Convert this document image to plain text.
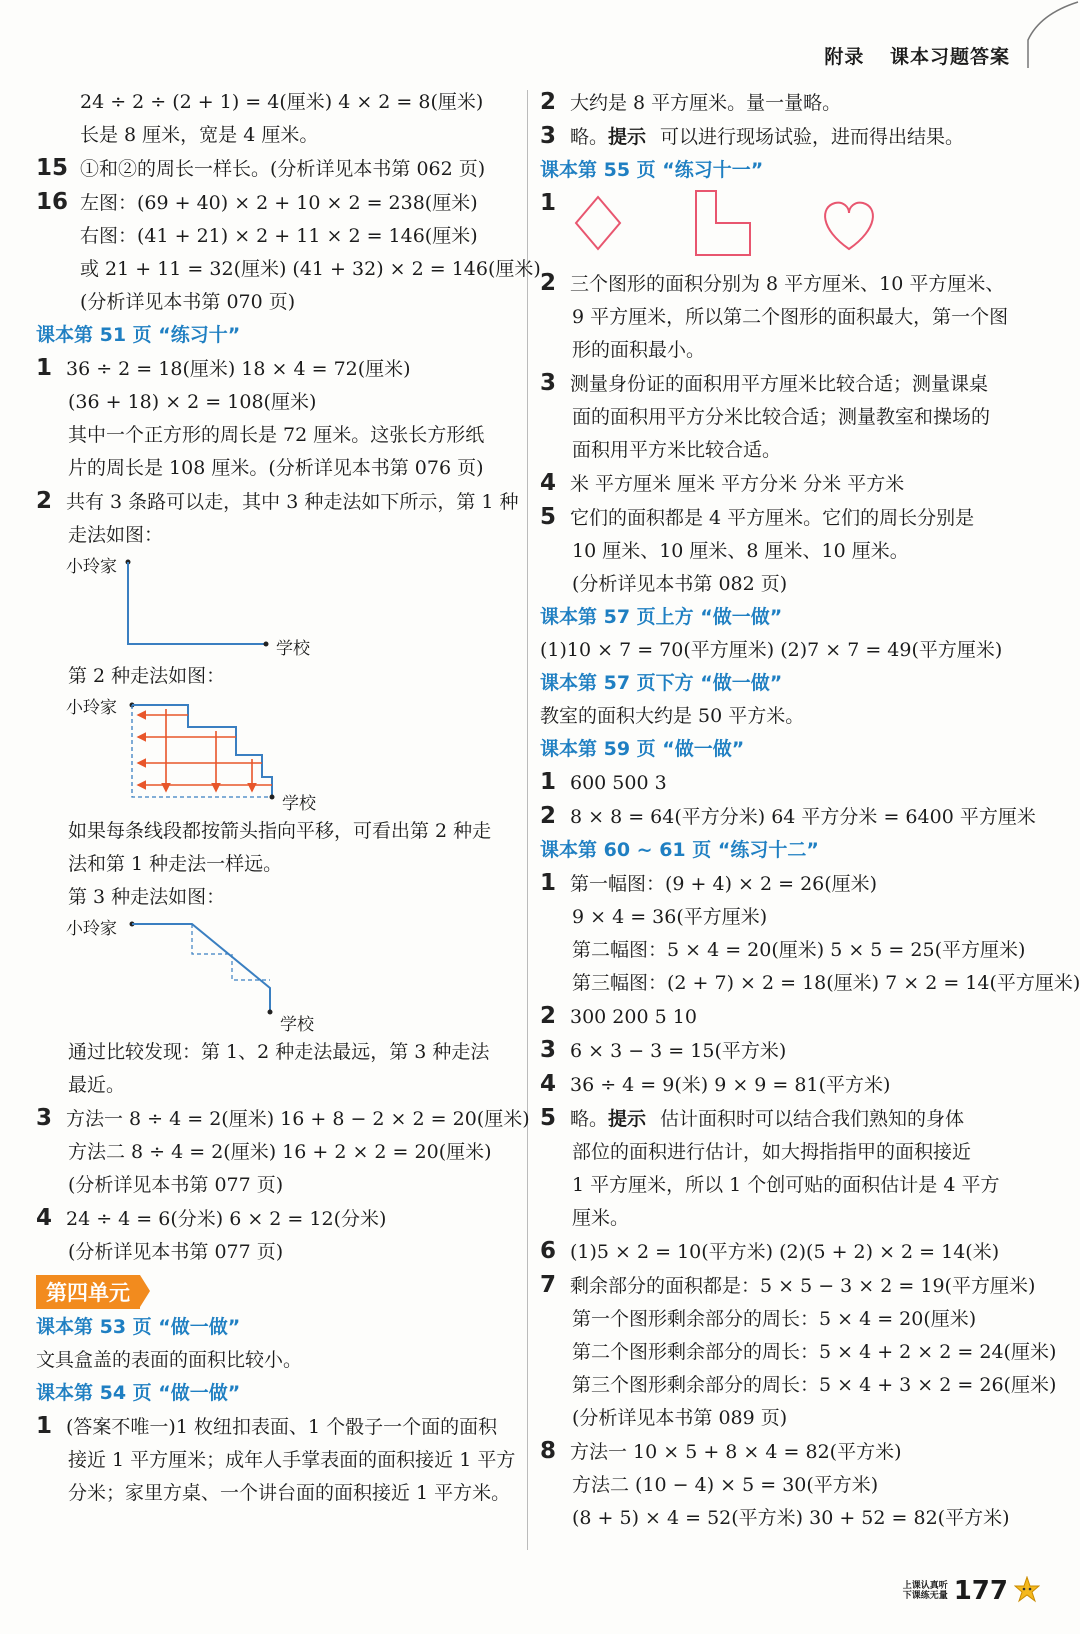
附录 课本习题答案
24 ÷ 2 ÷ (2 + 1) = 4(厘米) 4 × 2 = 8(厘米)
长是 8 厘米，宽是 4 厘米。
15 ①和②的周长一样长。(分析详见本书第 062 页)
16 左图：(69 + 40) × 2 + 10 × 2 = 238(厘米)
右图：(41 + 21) × 2 + 11 × 2 = 146(厘米)
或 21 + 11 = 32(厘米) (41 + 32) × 2 = 146(厘米)
(分析详见本书第 070 页)
课本第 51 页 “练习十”
1 36 ÷ 2 = 18(厘米) 18 × 4 = 72(厘米)
(36 + 18) × 2 = 108(厘米)
其中一个正方形的周长是 72 厘米。这张长方形纸
片的周长是 108 厘米。(分析详见本书第 076 页)
2 共有 3 条路可以走，其中 3 种走法如下所示，第 1 种
走法如图：
小玲家
学校
第 2 种走法如图：
小玲家
学校
如果每条线段都按箭头指向平移，可看出第 2 种走
法和第 1 种走法一样远。
第 3 种走法如图：
小玲家
学校
通过比较发现：第 1、2 种走法最远，第 3 种走法
最近。
3 方法一 8 ÷ 4 = 2(厘米) 16 + 8 − 2 × 2 = 20(厘米)
方法二 8 ÷ 4 = 2(厘米) 16 + 2 × 2 = 20(厘米)
(分析详见本书第 077 页)
4 24 ÷ 4 = 6(分米) 6 × 2 = 12(分米)
(分析详见本书第 077 页)
第四单元
课本第 53 页 “做一做”
文具盒盖的表面的面积比较小。
课本第 54 页 “做一做”
1 (答案不唯一)1 枚纽扣表面、1 个骰子一个面的面积
接近 1 平方厘米；成年人手掌表面的面积接近 1 平方
分米；家里方桌、一个讲台面的面积接近 1 平方米。
2 大约是 8 平方厘米。量一量略。
3 略。提示 可以进行现场试验，进而得出结果。
课本第 55 页 “练习十一”
1
2 三个图形的面积分别为 8 平方厘米、10 平方厘米、
9 平方厘米，所以第二个图形的面积最大，第一个图
形的面积最小。
3 测量身份证的面积用平方厘米比较合适；测量课桌
面的面积用平方分米比较合适；测量教室和操场的
面积用平方米比较合适。
4 米 平方厘米 厘米 平方分米 分米 平方米
5 它们的面积都是 4 平方厘米。它们的周长分别是
10 厘米、10 厘米、8 厘米、10 厘米。
(分析详见本书第 082 页)
课本第 57 页上方 “做一做”
(1)10 × 7 = 70(平方厘米) (2)7 × 7 = 49(平方厘米)
课本第 57 页下方 “做一做”
教室的面积大约是 50 平方米。
课本第 59 页 “做一做”
1 600 500 3
2 8 × 8 = 64(平方分米) 64 平方分米 = 6400 平方厘米
课本第 60 ~ 61 页 “练习十二”
1 第一幅图：(9 + 4) × 2 = 26(厘米)
9 × 4 = 36(平方厘米)
第二幅图：5 × 4 = 20(厘米) 5 × 5 = 25(平方厘米)
第三幅图：(2 + 7) × 2 = 18(厘米) 7 × 2 = 14(平方厘米)
2 300 200 5 10
3 6 × 3 − 3 = 15(平方米)
4 36 ÷ 4 = 9(米) 9 × 9 = 81(平方米)
5 略。提示 估计面积时可以结合我们熟知的身体
部位的面积进行估计，如大拇指指甲的面积接近
1 平方厘米，所以 1 个创可贴的面积估计是 4 平方
厘米。
6 (1)5 × 2 = 10(平方米) (2)(5 + 2) × 2 = 14(米)
7 剩余部分的面积都是：5 × 5 − 3 × 2 = 19(平方厘米)
第一个图形剩余部分的周长：5 × 4 = 20(厘米)
第二个图形剩余部分的周长：5 × 4 + 2 × 2 = 24(厘米)
第三个图形剩余部分的周长：5 × 4 + 3 × 2 = 26(厘米)
(分析详见本书第 089 页)
8 方法一 10 × 5 + 8 × 4 = 82(平方米)
方法二 (10 − 4) × 5 = 30(平方米)
(8 + 5) × 4 = 52(平方米) 30 + 52 = 82(平方米)
上课认真听
下课练无量 177
